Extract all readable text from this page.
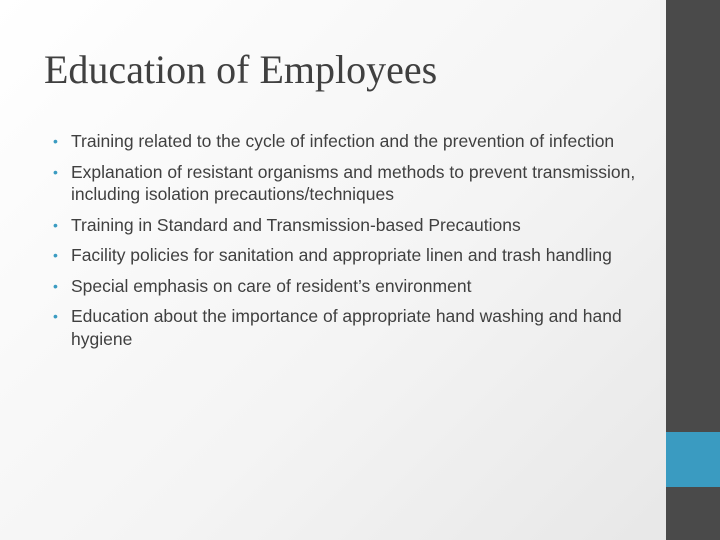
Education of Employees
• Training related to the cycle of infection and the prevention of infection
• Explanation of resistant organisms and methods to prevent transmission, including isolation precautions/techniques
• Training in Standard and Transmission-based Precautions
• Facility policies for sanitation and appropriate linen and trash handling
• Special emphasis on care of resident’s environment
• Education about the importance of appropriate hand washing and hand hygiene
